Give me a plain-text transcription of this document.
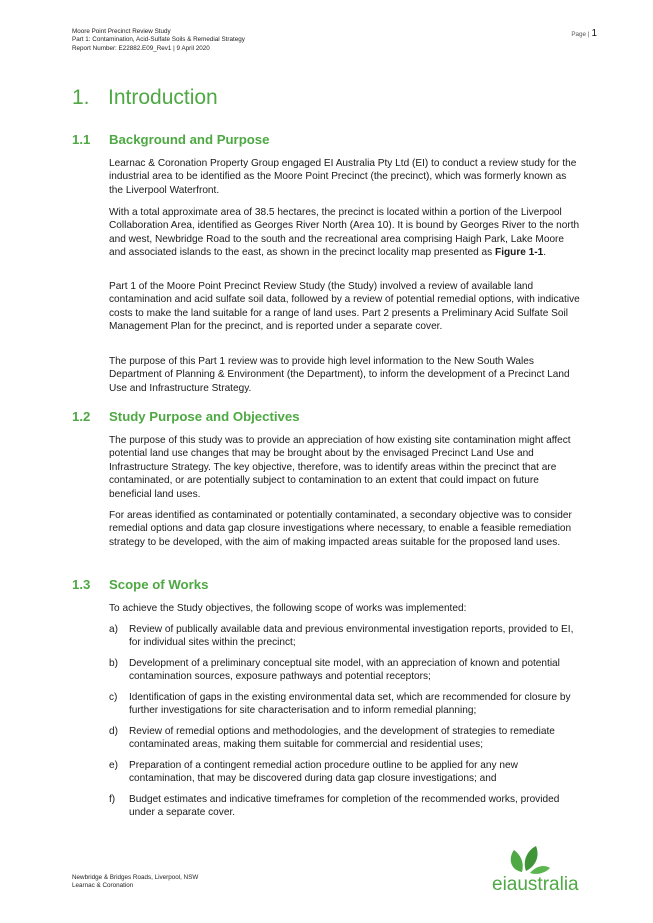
Moore Point Precinct Review Study
Part 1: Contamination, Acid-Sulfate Soils & Remedial Strategy
Report Number: E22882.E09_Rev1 | 9 April 2020
Page | 1
1. Introduction
1.1 Background and Purpose

Learnac & Coronation Property Group engaged EI Australia Pty Ltd (EI) to conduct a review study for the industrial area to be identified as the Moore Point Precinct (the precinct), which was formerly known as the Liverpool Waterfront.

With a total approximate area of 38.5 hectares, the precinct is located within a portion of the Liverpool Collaboration Area, identified as Georges River North (Area 10). It is bound by Georges River to the north and west, Newbridge Road to the south and the recreational area comprising Haigh Park, Lake Moore and associated islands to the east, as shown in the precinct locality map presented as Figure 1-1.

Part 1 of the Moore Point Precinct Review Study (the Study) involved a review of available land contamination and acid sulfate soil data, followed by a review of potential remedial options, with indicative costs to make the land suitable for a range of land uses. Part 2 presents a Preliminary Acid Sulfate Soil Management Plan for the precinct, and is reported under a separate cover.

The purpose of this Part 1 review was to provide high level information to the New South Wales Department of Planning & Environment (the Department), to inform the development of a Precinct Land Use and Infrastructure Strategy.

1.2 Study Purpose and Objectives

The purpose of this study was to provide an appreciation of how existing site contamination might affect potential land use changes that may be brought about by the envisaged Precinct Land Use and Infrastructure Strategy. The key objective, therefore, was to identify areas within the precinct that are contaminated, or are potentially subject to contamination to an extent that could impact on future beneficial land uses.

For areas identified as contaminated or potentially contaminated, a secondary objective was to consider remedial options and data gap closure investigations where necessary, to enable a feasible remediation strategy to be developed, with the aim of making impacted areas suitable for the proposed land uses.

1.3 Scope of Works

To achieve the Study objectives, the following scope of works was implemented:

a) Review of publically available data and previous environmental investigation reports, provided to EI, for individual sites within the precinct;
b) Development of a preliminary conceptual site model, with an appreciation of known and potential contamination sources, exposure pathways and potential receptors;
c) Identification of gaps in the existing environmental data set, which are recommended for closure by further investigations for site characterisation and to inform remedial planning;
d) Review of remedial options and methodologies, and the development of strategies to remediate contaminated areas, making them suitable for commercial and residential uses;
e) Preparation of a contingent remedial action procedure outline to be applied for any new contamination, that may be discovered during data gap closure investigations; and
f) Budget estimates and indicative timeframes for completion of the recommended works, provided under a separate cover.
Newbridge & Bridges Roads, Liverpool, NSW
Learnac & Coronation	eiaustralia
